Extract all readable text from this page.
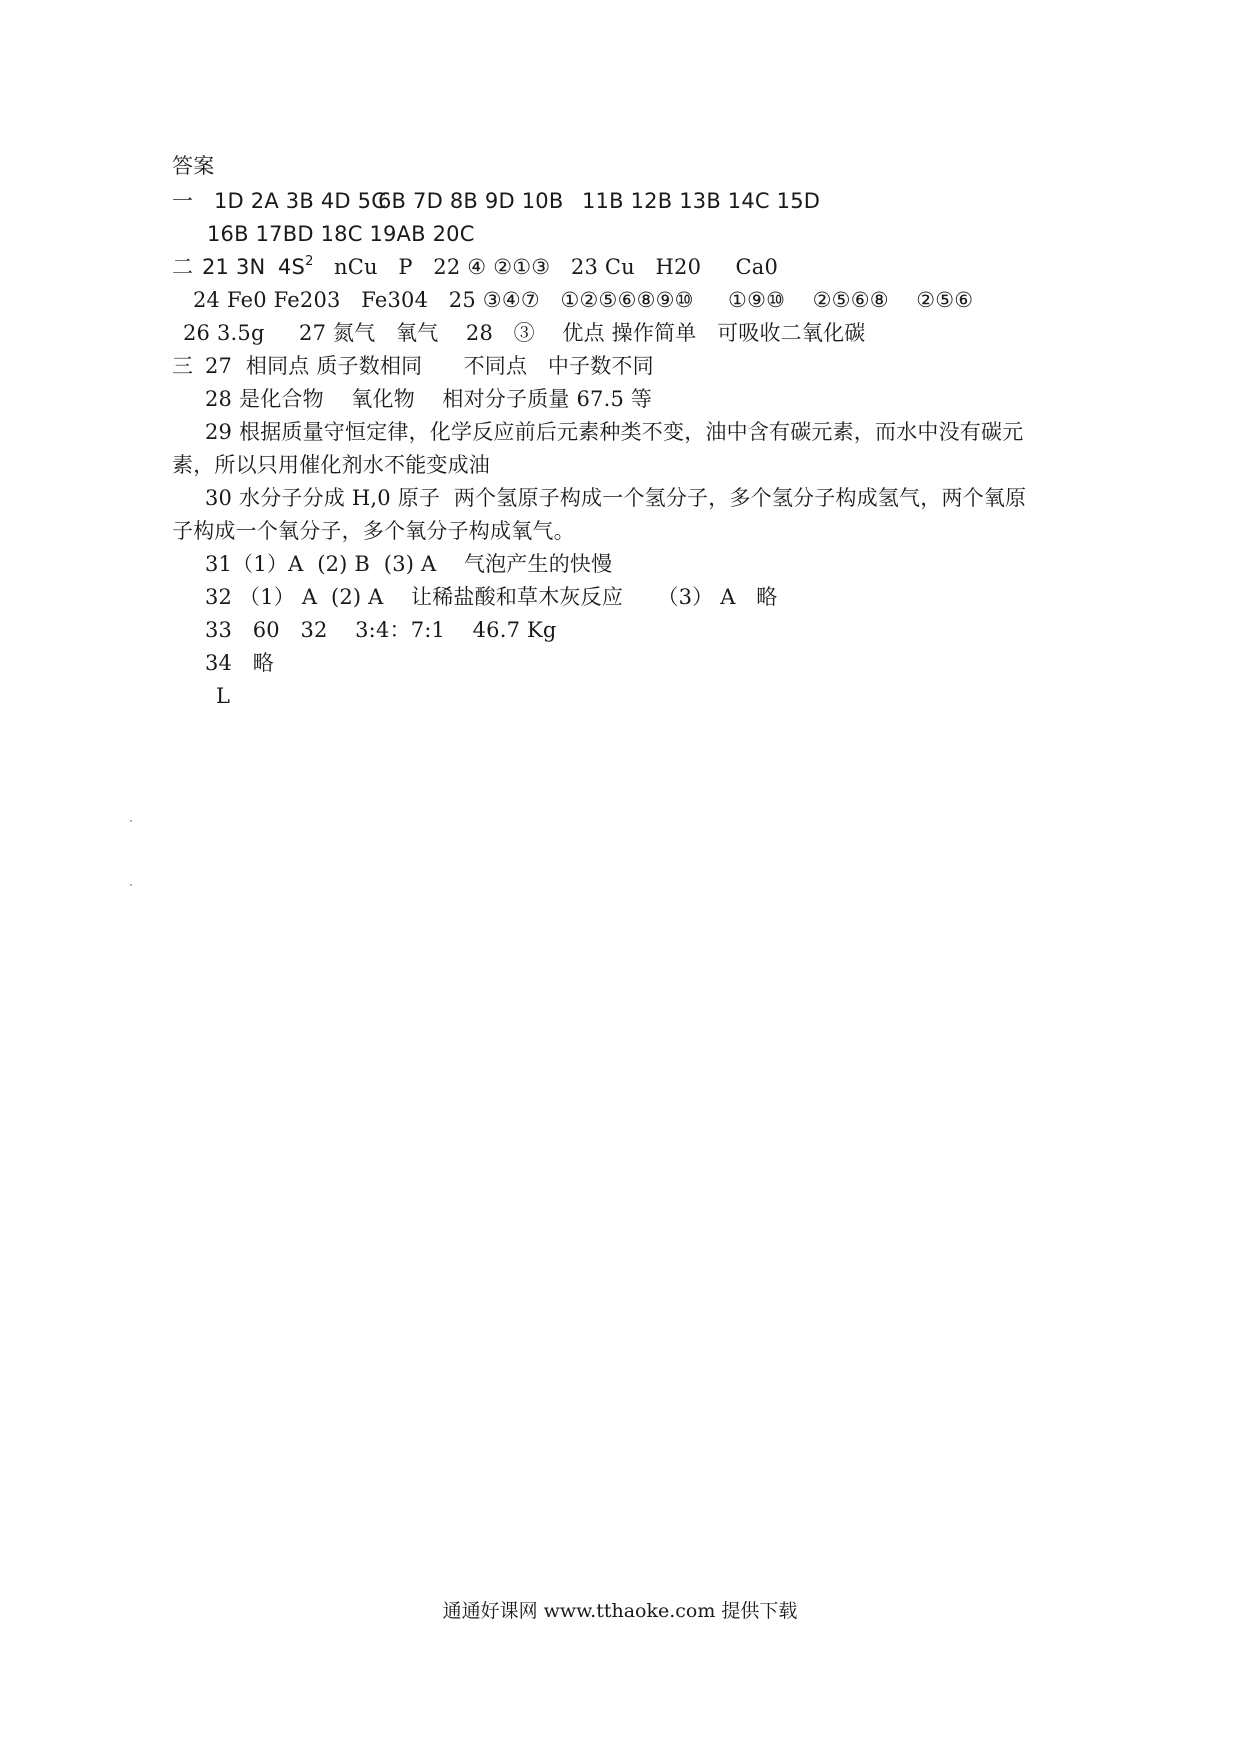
答案
一 1D 2A 3B 4D 5C
6B 7D 8B 9D 10B 11B 12B 13B 14C 15D
16B 17BD 18C 19AB 20C
二 21 3N $4S^2$ nCu   P   22 ④ ②①③   23 Cu   H20     Ca0
24 Fe0 Fe203   Fe304   25 ③④⑦   ①②⑤⑥⑧⑨⑩     ①⑨⑩    ②⑤⑥⑧    ②⑤⑥
26 3.5g     27 氮气   氧气    28   ③    优点 操作简单   可吸收二氧化碳
三 27  相同点 质子数相同      不同点   中子数不同
28 是化合物    氧化物    相对分子质量 67.5 等
29 根据质量守恒定律，化学反应前后元素种类不变，油中含有碳元素，而水中没有碳元
素，所以只用催化剂水不能变成油
30 水分子分成 H,0 原子  两个氢原子构成一个氢分子，多个氢分子构成氢气，两个氧原
子构成一个氧分子，多个氧分子构成氧气。
31（1）A  (2) B  (3) A    气泡产生的快慢
32 （1） A  (2) A    让稀盐酸和草木灰反应     （3） A   略
33   60   32    3:4：7:1    46.7 Kg
34   略
L
通通好课网 www.tthaoke.com 提供下载
